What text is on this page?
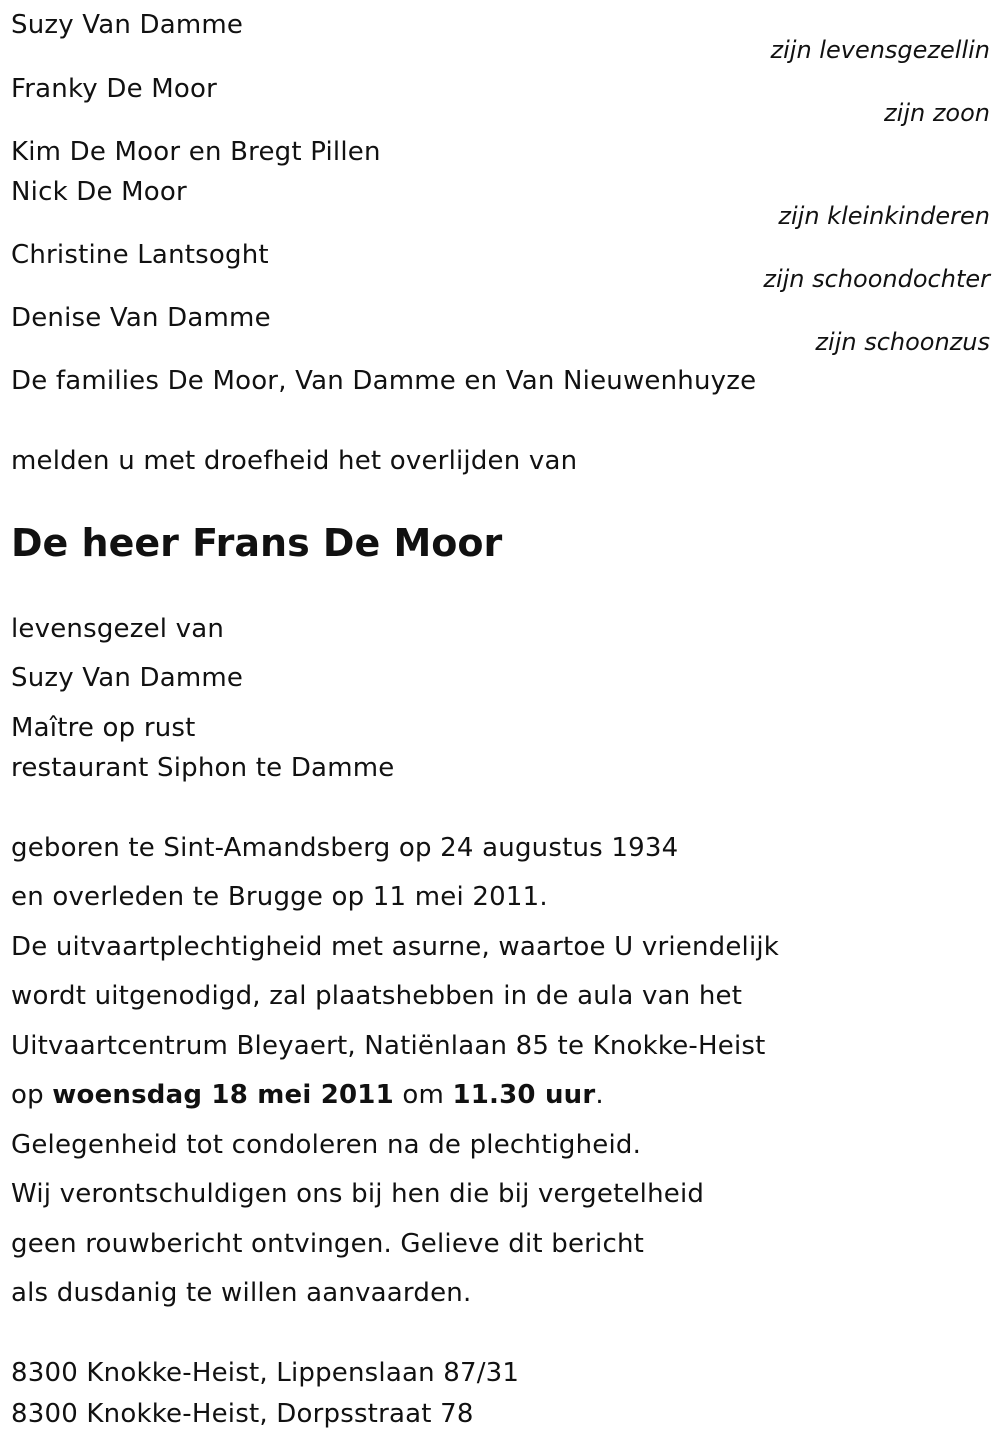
Suzy Van Damme
zijn levensgezellin
Franky De Moor
zijn zoon
Kim De Moor en Bregt Pillen
Nick De Moor
zijn kleinkinderen
Christine Lantsoght
zijn schoondochter
Denise Van Damme
zijn schoonzus
De families De Moor, Van Damme en Van Nieuwenhuyze
melden u met droefheid het overlijden van
De heer Frans De Moor
levensgezel van
Suzy Van Damme
Maître op rust
restaurant Siphon te Damme
geboren te Sint-Amandsberg op 24 augustus 1934
en overleden te Brugge op 11 mei 2011.
De uitvaartplechtigheid met asurne, waartoe U vriendelijk
wordt uitgenodigd, zal plaatshebben in de aula van het
Uitvaartcentrum Bleyaert, Natiënlaan 85 te Knokke-Heist
op woensdag 18 mei 2011 om 11.30 uur.
Gelegenheid tot condoleren na de plechtigheid.
Wij verontschuldigen ons bij hen die bij vergetelheid
geen rouwbericht ontvingen. Gelieve dit bericht
als dusdanig te willen aanvaarden.
8300 Knokke-Heist, Lippenslaan 87/31
8300 Knokke-Heist, Dorpsstraat 78
